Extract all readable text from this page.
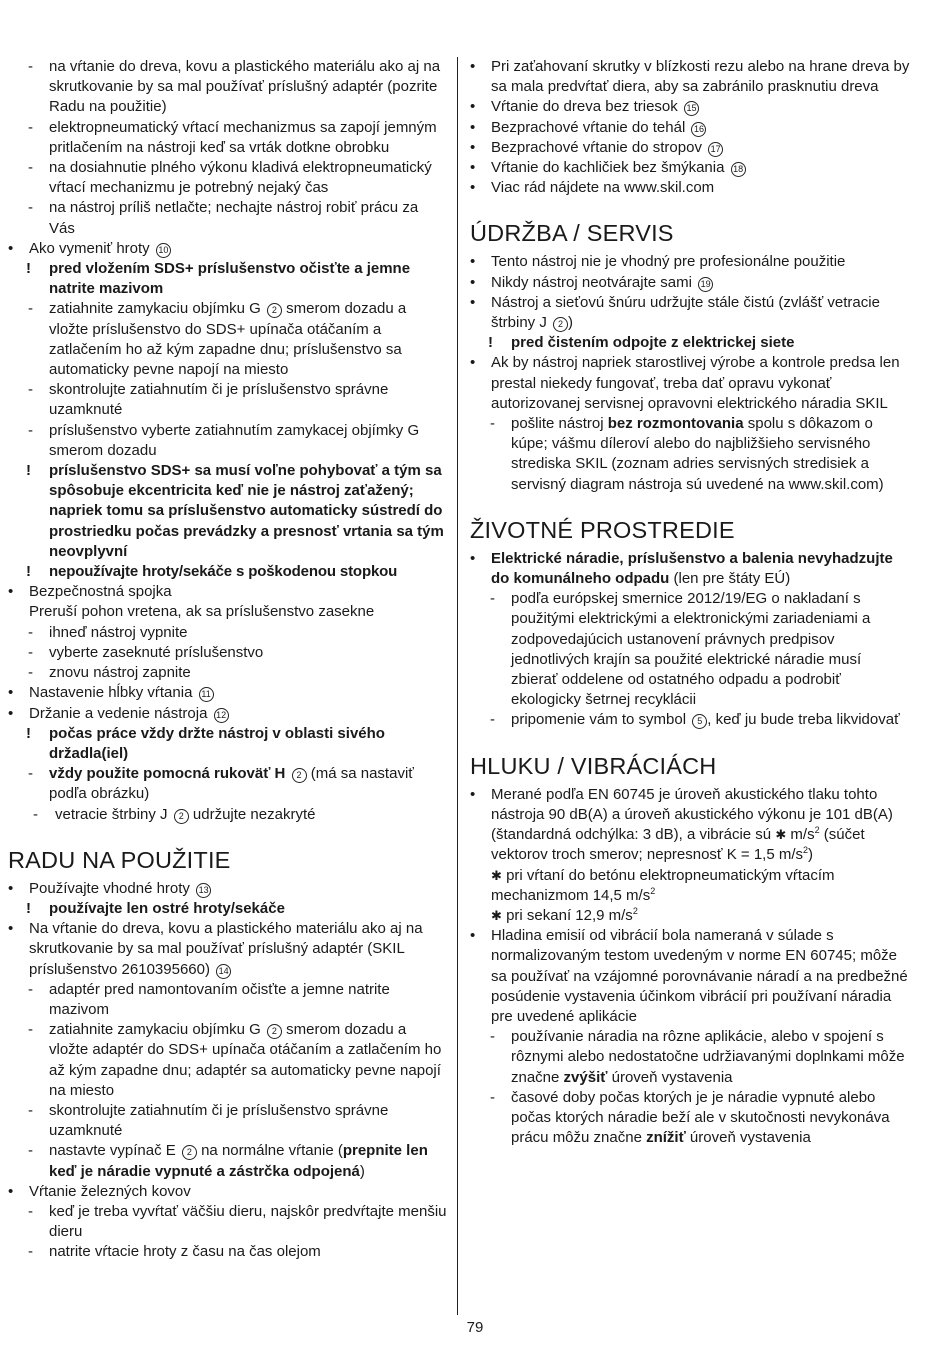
- na vŕtanie do dreva, kovu a plastického materiálu ako aj na skrutkovanie by sa mal používať príslušný adaptér (pozrite Radu na použitie)
- elektropneumatický vŕtací mechanizmus sa zapojí jemným pritlačením na nástroji keď sa vrták dotkne obrobku
- na dosiahnutie plného výkonu kladivá elektropneumatický vŕtací mechanizmu je potrebný nejaký čas
- na nástroj príliš netlačte; nechajte nástroj robiť prácu za Vás
• Ako vymeniť hroty 10
! pred vložením SDS+ príslušenstvo očisťte a jemne natrite mazivom
- zatiahnite zamykaciu objímku G 2 smerom dozadu a vložte príslušenstvo do SDS+ upínača otáčaním a zatlačením ho až kým zapadne dnu; príslušenstvo sa automaticky pevne napojí na miesto
- skontrolujte zatiahnutím či je príslušenstvo správne uzamknuté
- príslušenstvo vyberte zatiahnutím zamykacej objímky G smerom dozadu
! príslušenstvo SDS+ sa musí voľne pohybovať a tým sa spôsobuje ekcentricita keď nie je nástroj zaťažený; napriek tomu sa príslušenstvo automaticky sústredí do prostriedku počas prevádzky a presnosť vrtania sa tým neovplyvní
! nepoužívajte hroty/sekáče s poškodenou stopkou
• Bezpečnostná spojka
Preruší pohon vretena, ak sa príslušenstvo zasekne
- ihneď nástroj vypnite
- vyberte zaseknuté príslušenstvo
- znovu nástroj zapnite
• Nastavenie hĺbky vŕtania 11
• Držanie a vedenie nástroja 12
! počas práce vždy držte nástroj v oblasti sivého držadla(iel)
- vždy použite pomocná rukoväť H 2 (má sa nastaviť podľa obrázku)
- vetracie štrbiny J 2 udržujte nezakryté
RADU NA POUŽITIE
• Používajte vhodné hroty 13
! používajte len ostré hroty/sekáče
• Na vŕtanie do dreva, kovu a plastického materiálu ako aj na skrutkovanie by sa mal používať príslušný adaptér (SKIL príslušenstvo 2610395660) 14
- adaptér pred namontovaním očisťte a jemne natrite mazivom
- zatiahnite zamykaciu objímku G 2 smerom dozadu a vložte adaptér do SDS+ upínača otáčaním a zatlačením ho až kým zapadne dnu; adaptér sa automaticky pevne napojí na miesto
- skontrolujte zatiahnutím či je príslušenstvo správne uzamknuté
- nastavte vypínač E 2 na normálne vŕtanie (prepnite len keď je náradie vypnuté a zástrčka odpojená)
• Vŕtanie železných kovov
- keď je treba vyvŕtať väčšiu dieru, najskôr predvŕtajte menšiu dieru
- natrite vŕtacie hroty z času na čas olejom
• Pri zaťahovaní skrutky v blízkosti rezu alebo na hrane dreva by sa mala predvŕtať diera, aby sa zabránilo prasknutiu dreva
• Vŕtanie do dreva bez triesok 15
• Bezprachové vŕtanie do tehál 16
• Bezprachové vŕtanie do stropov 17
• Vŕtanie do kachličiek bez šmýkania 18
• Viac rád nájdete na www.skil.com
ÚDRŽBA / SERVIS
• Tento nástroj nie je vhodný pre profesionálne použitie
• Nikdy nástroj neotvárajte sami 19
• Nástroj a sieťovú šnúru udržujte stále čistú (zvlášť vetracie štrbiny J 2 )
! pred čistením odpojte z elektrickej siete
• Ak by nástroj napriek starostlivej výrobe a kontrole predsa len prestal niekedy fungovať, treba dať opravu vykonať autorizovanej servisnej opravovni elektrického náradia SKIL
- pošlite nástroj bez rozmontovania spolu s dôkazom o kúpe; vášmu díleroví alebo do najbližšieho servisného strediska SKIL (zoznam adries servisných stredisiek a servisný diagram nástroja sú uvedené na www.skil.com)
ŽIVOTNÉ PROSTREDIE
• Elektrické náradie, príslušenstvo a balenia nevyhadzujte do komunálneho odpadu (len pre štáty EÚ)
- podľa európskej smernice 2012/19/EG o nakladaní s použitými elektrickými a elektronickými zariadeniami a zodpovedajúcich ustanovení právnych predpisov jednotlivých krajín sa použité elektrické náradie musí zbierať oddelene od ostatného odpadu a podrobiť ekologicky šetrnej recyklácii
- pripomenie vám to symbol 5 , keď ju bude treba likvidovať
HLUKU / VIBRÁCIÁCH
• Merané podľa EN 60745 je úroveň akustického tlaku tohto nástroja 90 dB(A) a úroveň akustického výkonu je 101 dB(A) (štandardná odchýlka: 3 dB), a vibrácie sú ✱ $m/s^2$ (súčet vektorov troch smerov; nepresnosť K = 1,5 $m/s^2$)
✱ pri vŕtaní do betónu elektropneumatickým vŕtacím mechanizmom 14,5 $m/s^2$
✱ pri sekaní 12,9 $m/s^2$
• Hladina emisií od vibrácií bola nameraná v súlade s normalizovaným testom uvedeným v norme EN 60745; môže sa používať na vzájomné porovnávanie náradí a na predbežné posúdenie vystavenia účinkom vibrácií pri používaní náradia pre uvedené aplikácie
- používanie náradia na rôzne aplikácie, alebo v spojení s rôznymi alebo nedostatočne udržiavanými doplnkami môže značne zvýšiť úroveň vystavenia
- časové doby počas ktorých je je náradie vypnuté alebo počas ktorých náradie beží ale v skutočnosti nevykonáva prácu môžu značne znížiť úroveň vystavenia
79
